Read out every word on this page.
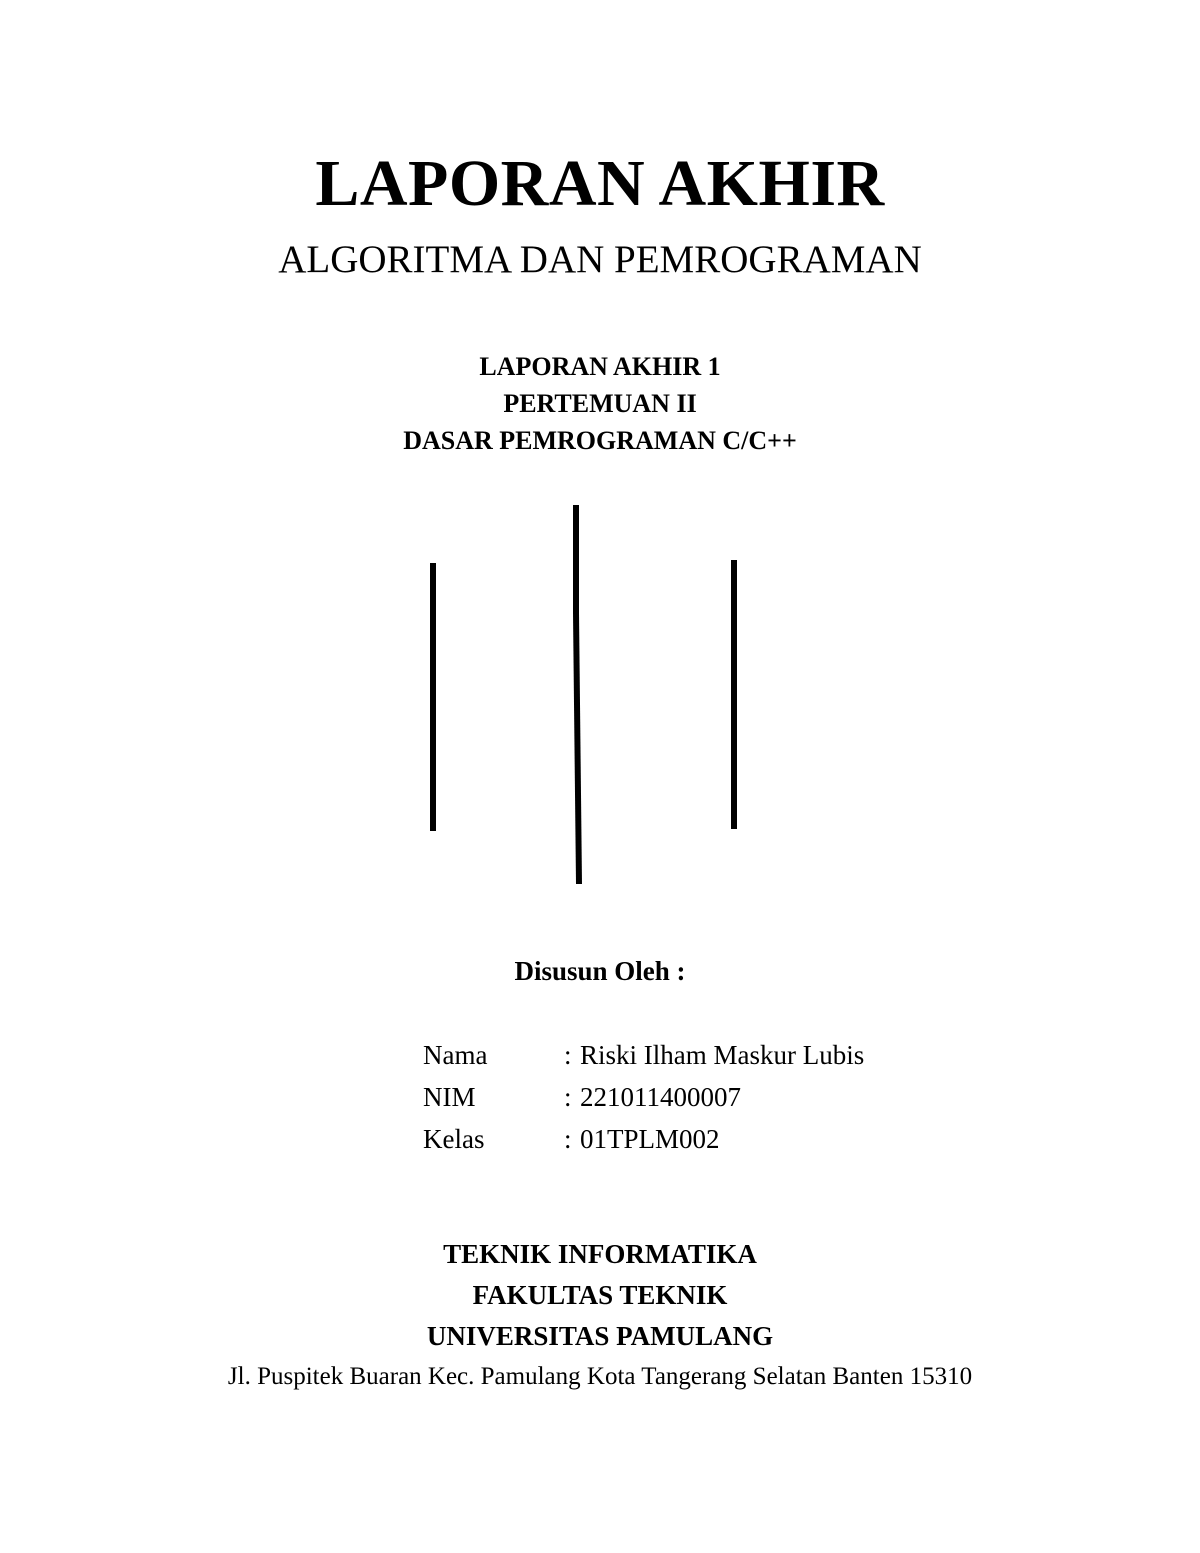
LAPORAN AKHIR
ALGORITMA DAN PEMROGRAMAN
LAPORAN AKHIR 1
PERTEMUAN II
DASAR PEMROGRAMAN C/C++
Disusun Oleh :
Nama	: Riski Ilham Maskur Lubis
NIM	: 221011400007
Kelas	: 01TPLM002
TEKNIK INFORMATIKA
FAKULTAS TEKNIK
UNIVERSITAS PAMULANG
Jl. Puspitek Buaran Kec. Pamulang Kota Tangerang Selatan Banten 15310
